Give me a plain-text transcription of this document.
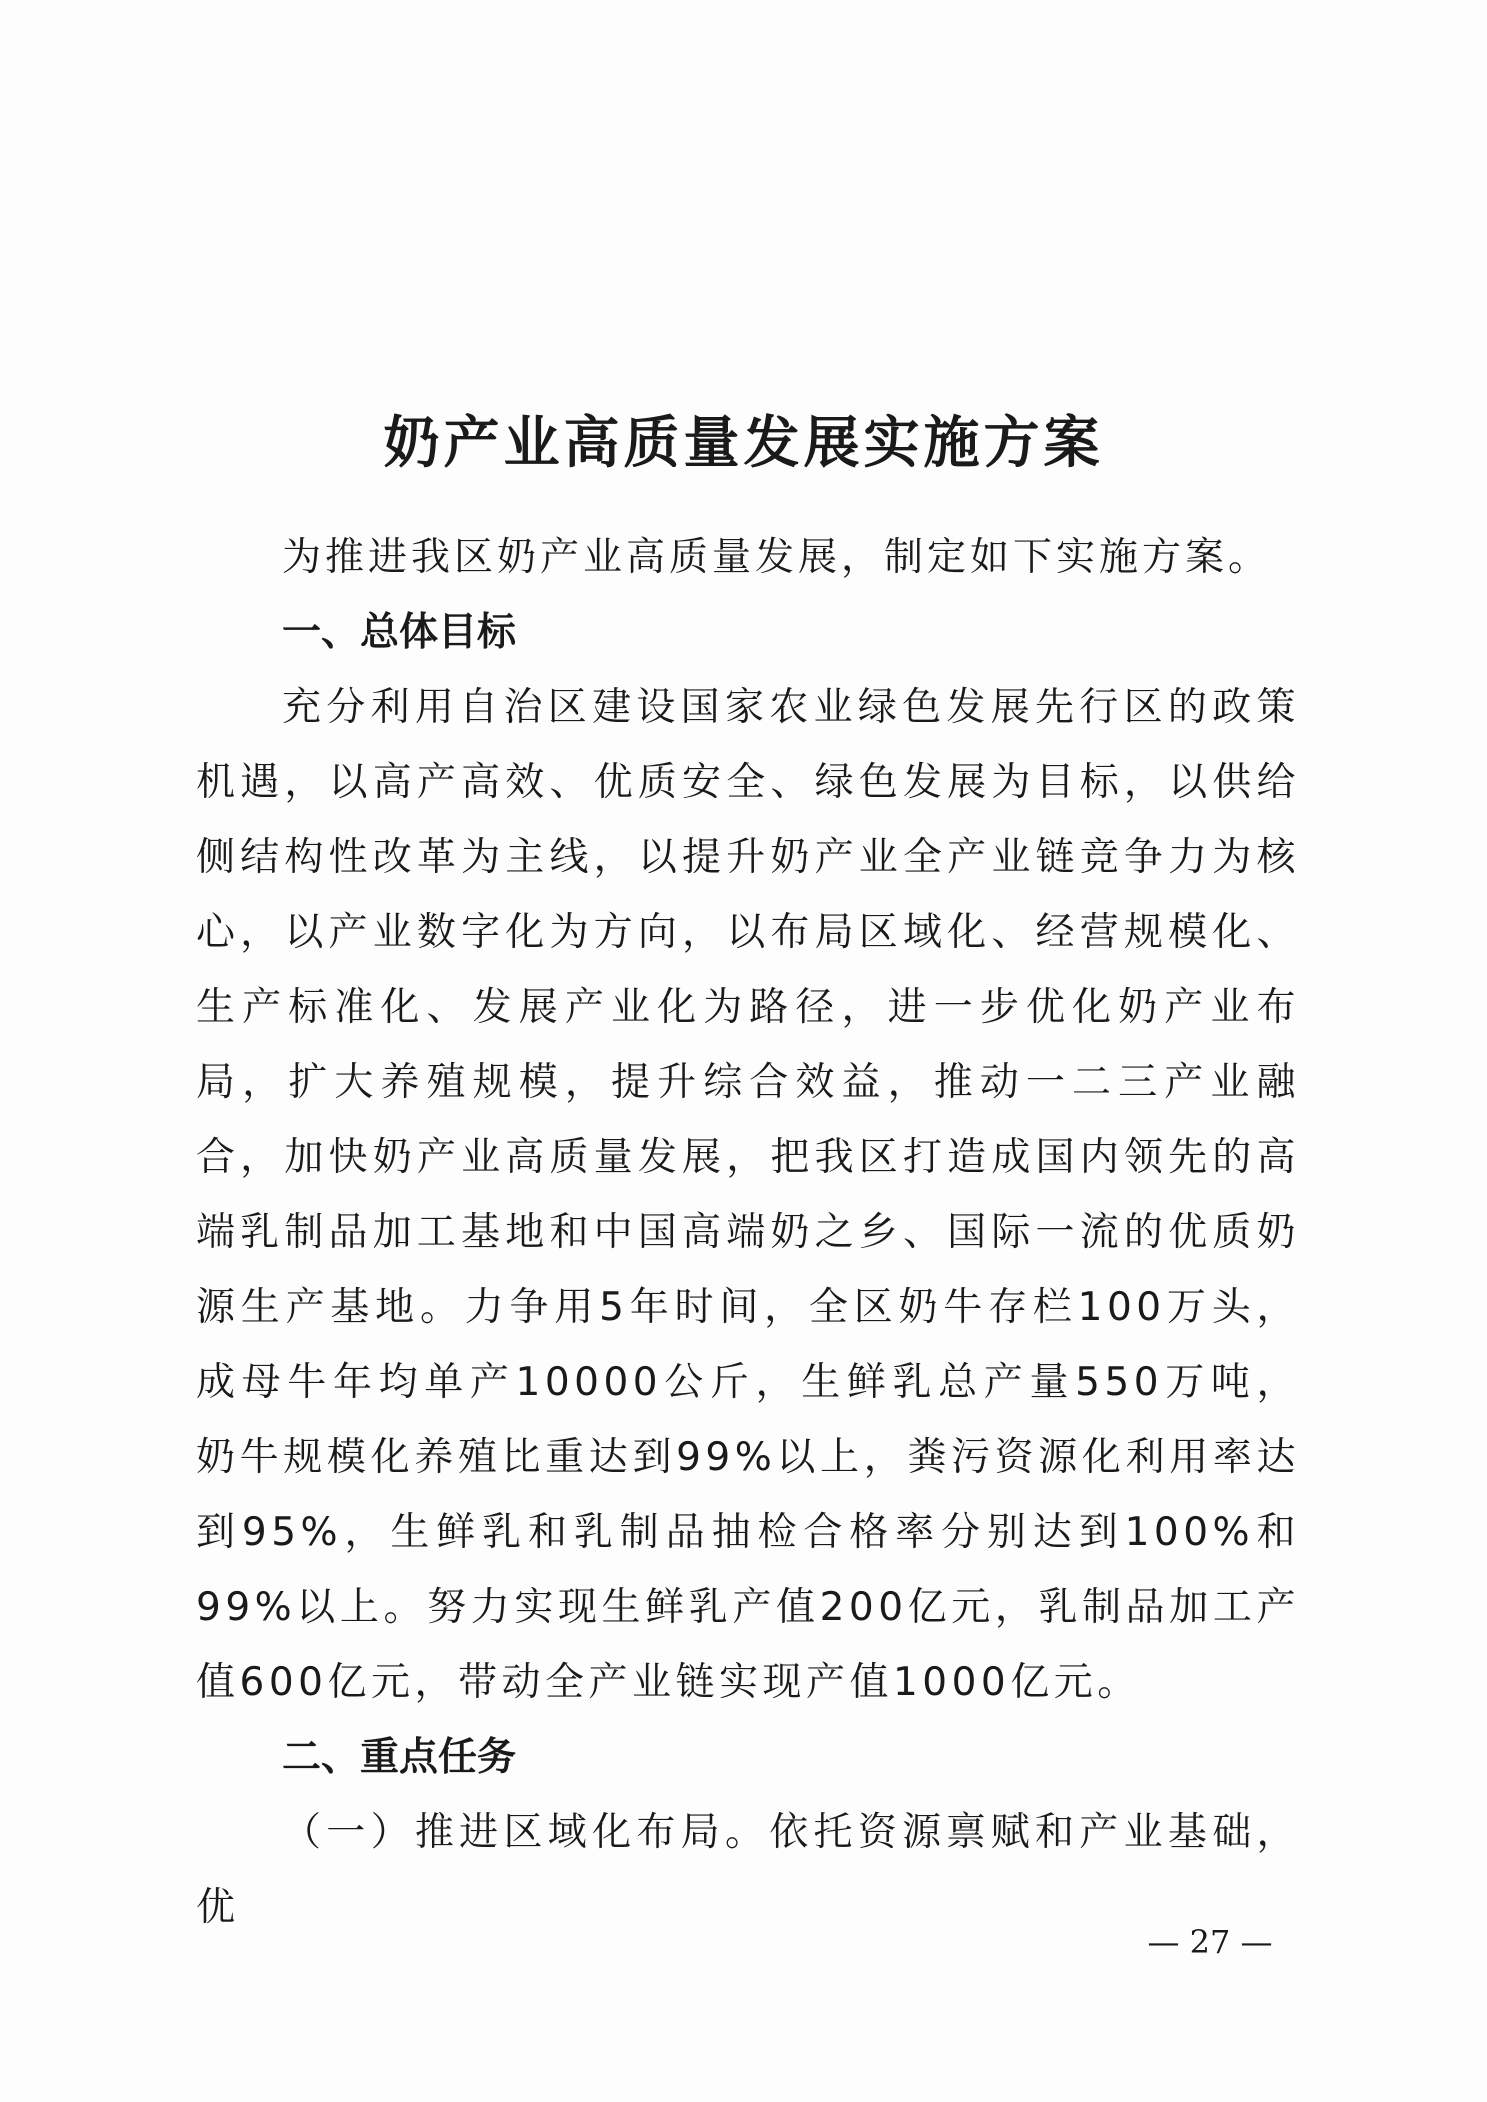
奶产业高质量发展实施方案

为推进我区奶产业高质量发展，制定如下实施方案。

一、总体目标

充分利用自治区建设国家农业绿色发展先行区的政策机遇，以高产高效、优质安全、绿色发展为目标，以供给侧结构性改革为主线，以提升奶产业全产业链竞争力为核心，以产业数字化为方向，以布局区域化、经营规模化、生产标准化、发展产业化为路径，进一步优化奶产业布局，扩大养殖规模，提升综合效益，推动一二三产业融合，加快奶产业高质量发展，把我区打造成国内领先的高端乳制品加工基地和中国高端奶之乡、国际一流的优质奶源生产基地。力争用5年时间，全区奶牛存栏100万头，成母牛年均单产10000公斤，生鲜乳总产量550万吨，奶牛规模化养殖比重达到99%以上，粪污资源化利用率达到95%，生鲜乳和乳制品抽检合格率分别达到100%和99%以上。努力实现生鲜乳产值200亿元，乳制品加工产值600亿元，带动全产业链实现产值1000亿元。

二、重点任务

（一）推进区域化布局。依托资源禀赋和产业基础，优

— 27 —
